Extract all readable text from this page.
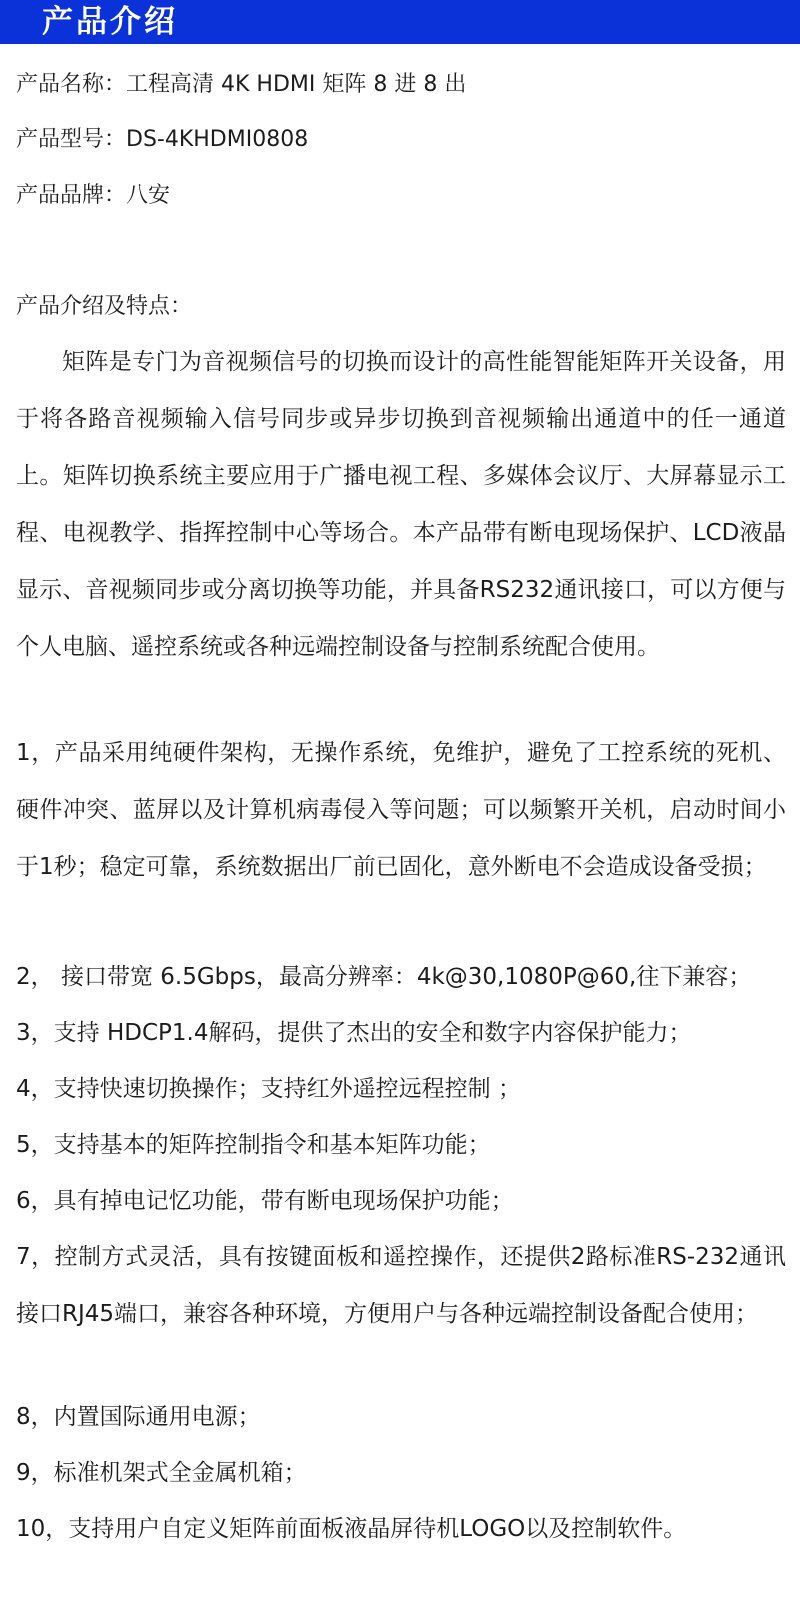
产品介绍
产品名称：工程高清 4K HDMI 矩阵 8 进 8 出
产品型号：DS-4KHDMI0808
产品品牌：八安
产品介绍及特点：
矩阵是专门为音视频信号的切换而设计的高性能智能矩阵开关设备，用于将各路音视频输入信号同步或异步切换到音视频输出通道中的任一通道上。矩阵切换系统主要应用于广播电视工程、多媒体会议厅、大屏幕显示工程、电视教学、指挥控制中心等场合。本产品带有断电现场保护、LCD液晶显示、音视频同步或分离切换等功能，并具备RS232通讯接口，可以方便与个人电脑、遥控系统或各种远端控制设备与控制系统配合使用。
1，产品采用纯硬件架构，无操作系统，免维护，避免了工控系统的死机、硬件冲突、蓝屏以及计算机病毒侵入等问题；可以频繁开关机，启动时间小于1秒；稳定可靠，系统数据出厂前已固化，意外断电不会造成设备受损；
2， 接口带宽 6.5Gbps，最高分辨率：4k@30,1080P@60,往下兼容；
3，支持 HDCP1.4解码，提供了杰出的安全和数字内容保护能力；
4，支持快速切换操作；支持红外遥控远程控制 ；
5，支持基本的矩阵控制指令和基本矩阵功能；
6，具有掉电记忆功能，带有断电现场保护功能；
7，控制方式灵活，具有按键面板和遥控操作，还提供2路标准RS-232通讯接口RJ45端口，兼容各种环境，方便用户与各种远端控制设备配合使用；
8，内置国际通用电源；
9，标准机架式全金属机箱；
10，支持用户自定义矩阵前面板液晶屏待机LOGO以及控制软件。
